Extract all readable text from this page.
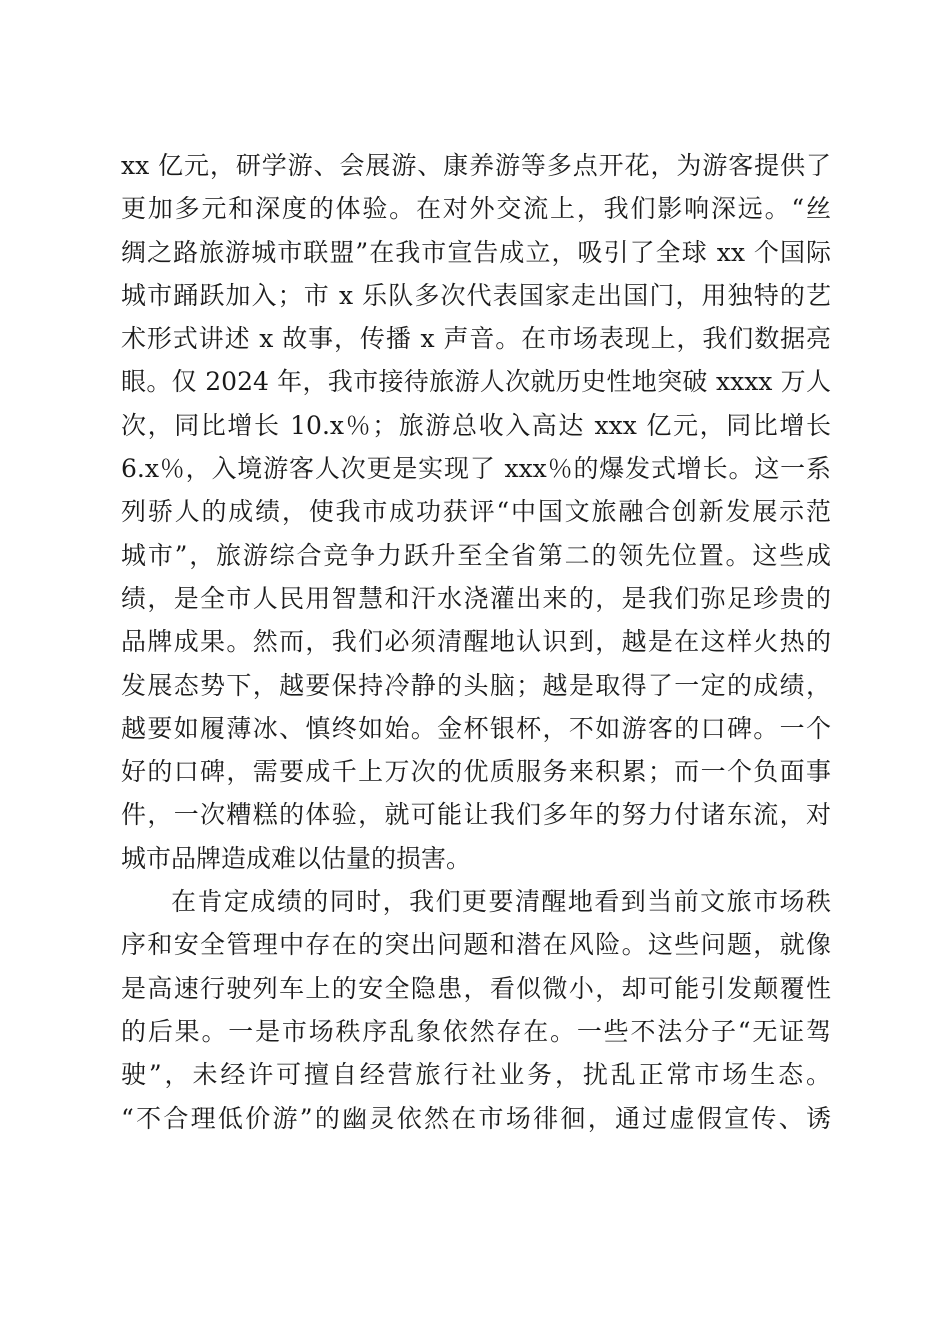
xx 亿元，研学游、会展游、康养游等多点开花，为游客提供了
更加多元和深度的体验。在对外交流上，我们影响深远。“丝
绸之路旅游城市联盟”在我市宣告成立，吸引了全球 xx 个国际
城市踊跃加入；市 x 乐队多次代表国家走出国门，用独特的艺
术形式讲述 x 故事，传播 x 声音。在市场表现上，我们数据亮
眼。仅 2024 年，我市接待旅游人次就历史性地突破 xxxx 万人
次，同比增长 10.x％；旅游总收入高达 xxx 亿元，同比增长
6.x％，入境游客人次更是实现了 xxx％的爆发式增长。这一系
列骄人的成绩，使我市成功获评“中国文旅融合创新发展示范
城市”，旅游综合竞争力跃升至全省第二的领先位置。这些成
绩，是全市人民用智慧和汗水浇灌出来的，是我们弥足珍贵的
品牌成果。然而，我们必须清醒地认识到，越是在这样火热的
发展态势下，越要保持冷静的头脑；越是取得了一定的成绩，
越要如履薄冰、慎终如始。金杯银杯，不如游客的口碑。一个
好的口碑，需要成千上万次的优质服务来积累；而一个负面事
件，一次糟糕的体验，就可能让我们多年的努力付诸东流，对
城市品牌造成难以估量的损害。
在肯定成绩的同时，我们更要清醒地看到当前文旅市场秩
序和安全管理中存在的突出问题和潜在风险。这些问题，就像
是高速行驶列车上的安全隐患，看似微小，却可能引发颠覆性
的后果。一是市场秩序乱象依然存在。一些不法分子“无证驾
驶”，未经许可擅自经营旅行社业务，扰乱正常市场生态。
“不合理低价游”的幽灵依然在市场徘徊，通过虚假宣传、诱
